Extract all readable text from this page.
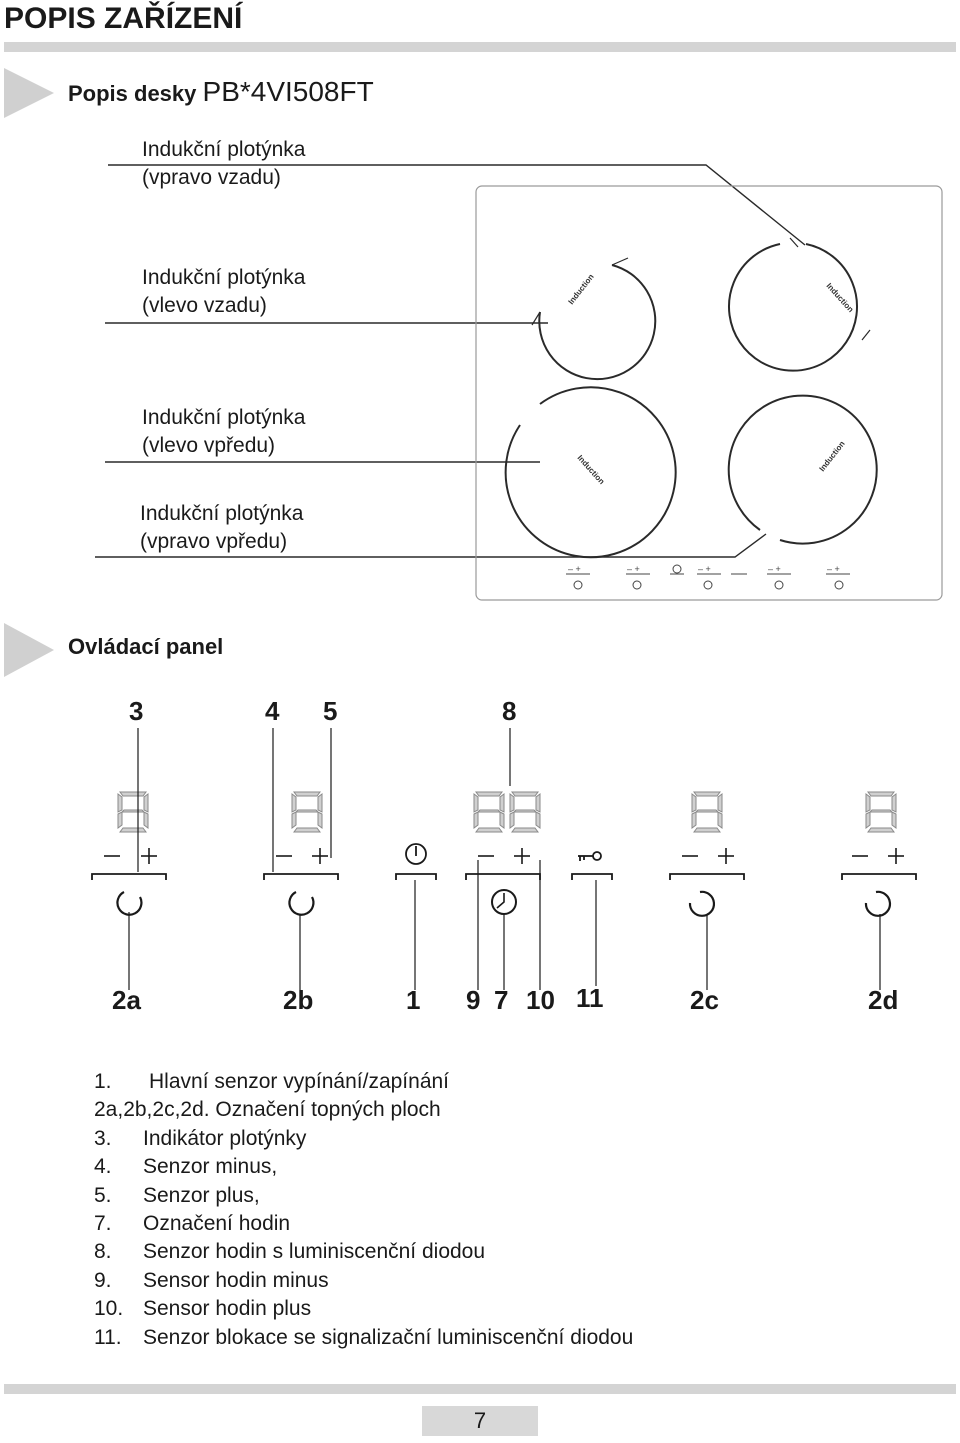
POPIS ZAŘÍZENÍ
Popis desky PB*4VI508FT
Indukční plotýnka
(vpravo vzadu)
Indukční plotýnka
(vlevo vzadu)
Indukční plotýnka
(vlevo vpředu)
Indukční plotýnka
(vpravo vpředu)
Induction	Induction
Induction	Induction
– +	– +	– +	– +	– +
Ovládací panel
3	4 5	8
2a	2b	1 9 7 10 11	2c	2d
1. Hlavní senzor vypínání/zapínání
2a,2b,2c,2d. Označení topných ploch
3. Indikátor plotýnky
4. Senzor minus,
5. Senzor plus,
7. Označení hodin
8. Senzor hodin s luminiscenční diodou
9. Sensor hodin minus
10. Sensor hodin plus
11. Senzor blokace se signalizační luminiscenční diodou
7
